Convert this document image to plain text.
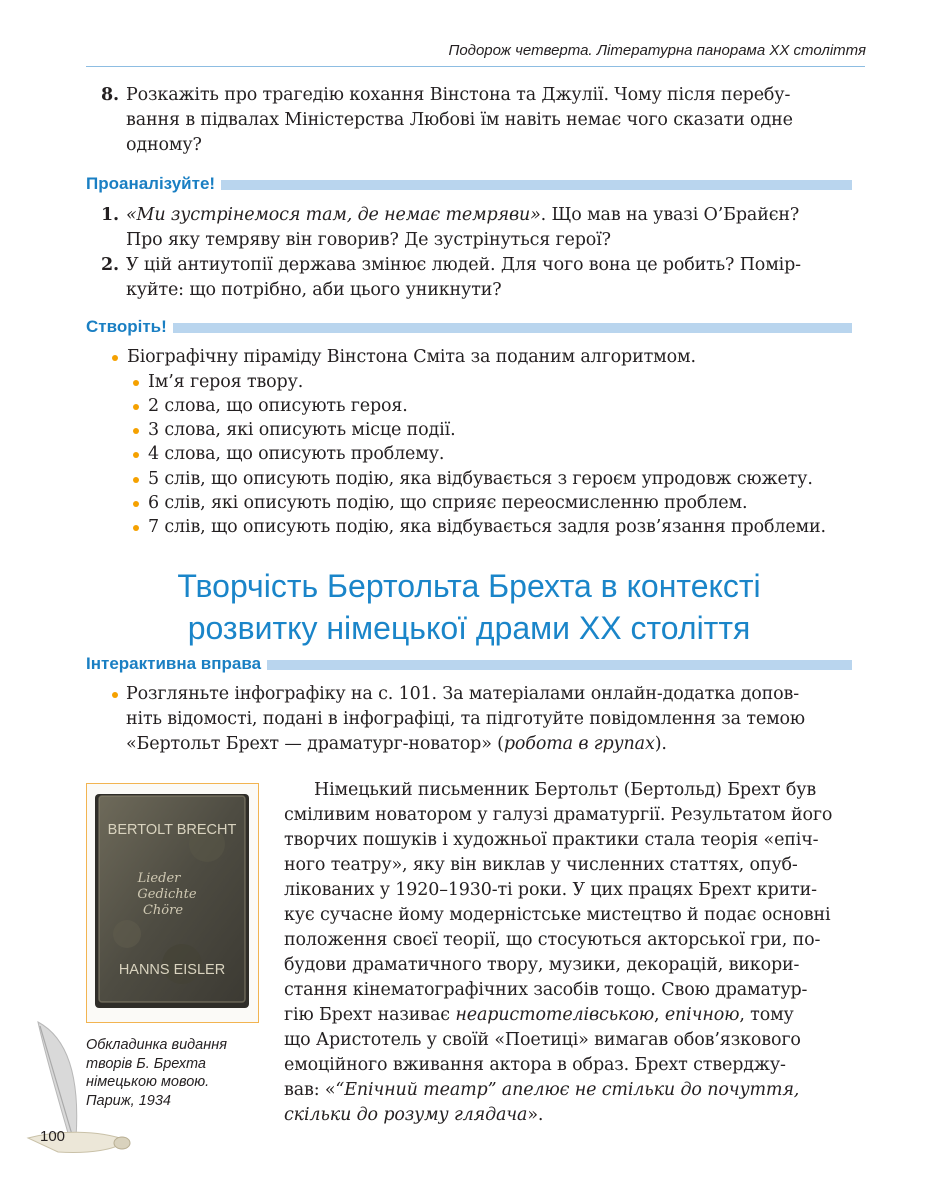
Подорож четверта. Літературна панорама XX століття
8. Розкажіть про трагедію кохання Вінстона та Джулії. Чому після перебу-
вання в підвалах Міністерства Любові їм навіть немає чого сказати одне
одному?
Проаналізуйте!
1. «Ми зустрінемося там, де немає темряви». Що мав на увазі О’Брайєн?
Про яку темряву він говорив? Де зустрінуться герої?
2. У цій антиутопії держава змінює людей. Для чого вона це робить? Помір-
куйте: що потрібно, аби цього уникнути?
Створіть!
Біографічну піраміду Вінстона Сміта за поданим алгоритмом.
Ім’я героя твору.
2 слова, що описують героя.
3 слова, які описують місце події.
4 слова, що описують проблему.
5 слів, що описують подію, яка відбувається з героєм упродовж сюжету.
6 слів, які описують подію, що сприяє переосмисленню проблем.
7 слів, що описують подію, яка відбувається задля розв’язання проблеми.
Творчість Бертольта Брехта в контексті
розвитку німецької драми XX століття
Інтерактивна вправа
Розгляньте інфографіку на с. 101. За матеріалами онлайн-додатка допов-
ніть відомості, подані в інфографіці, та підготуйте повідомлення за темою
«Бертольт Брехт — драматург-новатор» (робота в групах).
BERTOLT BRECHT
Lieder
Gedichte
Chöre
HANNS EISLER
Обкладинка видання
творів Б. Брехта
німецькою мовою.
Париж, 1934
Німецький письменник Бертольт (Бертольд) Брехт був
сміливим новатором у галузі драматургії. Результатом його
творчих пошуків і художньої практики стала теорія «епіч-
ного театру», яку він виклав у численних статтях, опуб-
лікованих у 1920–1930-ті роки. У цих працях Брехт крити-
кує сучасне йому модерністське мистецтво й подає основні
положення своєї теорії, що стосуються акторської гри, по-
будови драматичного твору, музики, декорацій, викори-
стання кінематографічних засобів тощо. Свою драматур-
гію Брехт називає неаристотелівською, епічною, тому
що Аристотель у своїй «Поетиці» вимагав обов’язкового
емоційного вживання актора в образ. Брехт стверджу-
вав: «“Епічний театр” апелює не стільки до почуття,
скільки до розуму глядача».
100
